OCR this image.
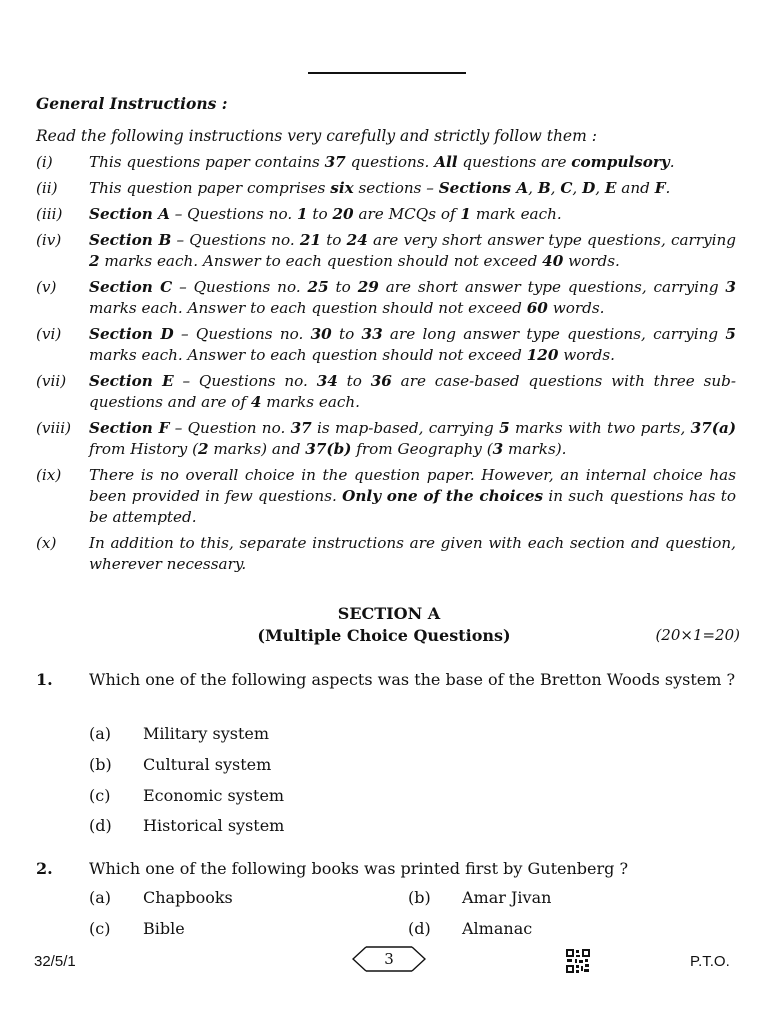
General Instructions :
Read the following instructions very carefully and strictly follow them :
(i)	This questions paper contains 37 questions. All questions are compulsory.
(ii)	This question paper comprises six sections – Sections A, B, C, D, E and F.
(iii)	Section A – Questions no. 1 to 20 are MCQs of 1 mark each.
(iv)	Section B – Questions no. 21 to 24 are very short answer type questions, carrying 2 marks each. Answer to each question should not exceed 40 words.
(v)	Section C – Questions no. 25 to 29 are short answer type questions, carrying 3 marks each. Answer to each question should not exceed 60 words.
(vi)	Section D – Questions no. 30 to 33 are long answer type questions, carrying 5 marks each. Answer to each question should not exceed 120 words.
(vii)	Section E – Questions no. 34 to 36 are case-based questions with three sub-questions and are of 4 marks each.
(viii)	Section F – Question no. 37 is map-based, carrying 5 marks with two parts, 37(a) from History (2 marks) and 37(b) from Geography (3 marks).
(ix)	There is no overall choice in the question paper. However, an internal choice has been provided in few questions. Only one of the choices in such questions has to be attempted.
(x)	In addition to this, separate instructions are given with each section and question, wherever necessary.
SECTION A
(Multiple Choice Questions)	(20×1=20)
1. Which one of the following aspects was the base of the Bretton Woods system ?
(a) Military system
(b) Cultural system
(c) Economic system
(d) Historical system
2. Which one of the following books was printed first by Gutenberg ?
(a) Chapbooks	(b) Amar Jivan
(c) Bible	(d) Almanac
32/5/1	3	P.T.O.
